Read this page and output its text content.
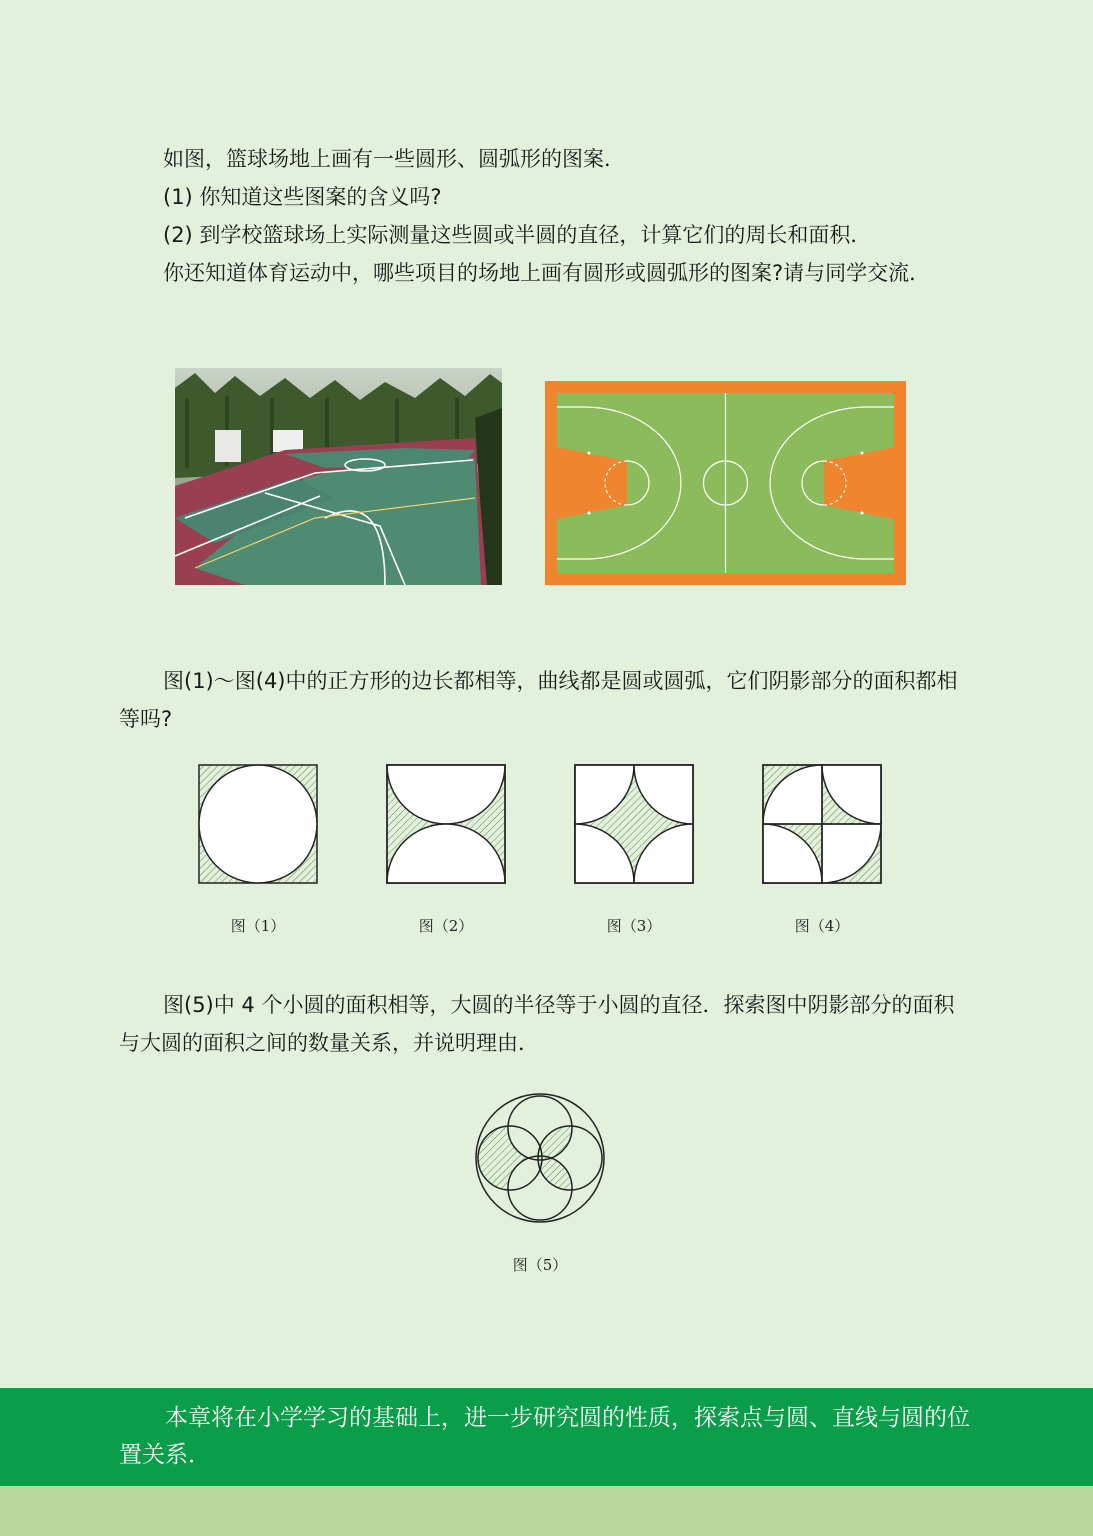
如图，篮球场地上画有一些圆形、圆弧形的图案．

(1) 你知道这些图案的含义吗?

(2) 到学校篮球场上实际测量这些圆或半圆的直径，计算它们的周长和面积．

你还知道体育运动中，哪些项目的场地上画有圆形或圆弧形的图案?请与同学交流．

图(1)～图(4)中的正方形的边长都相等，曲线都是圆或圆弧，它们阴影部分的面积都相等吗?

图（1）	图（2）	图（3）	图（4）

图(5)中 4 个小圆的面积相等，大圆的半径等于小圆的直径．探索图中阴影部分的面积与大圆的面积之间的数量关系，并说明理由．

图（5）

本章将在小学学习的基础上，进一步研究圆的性质，探索点与圆、直线与圆的位置关系．
